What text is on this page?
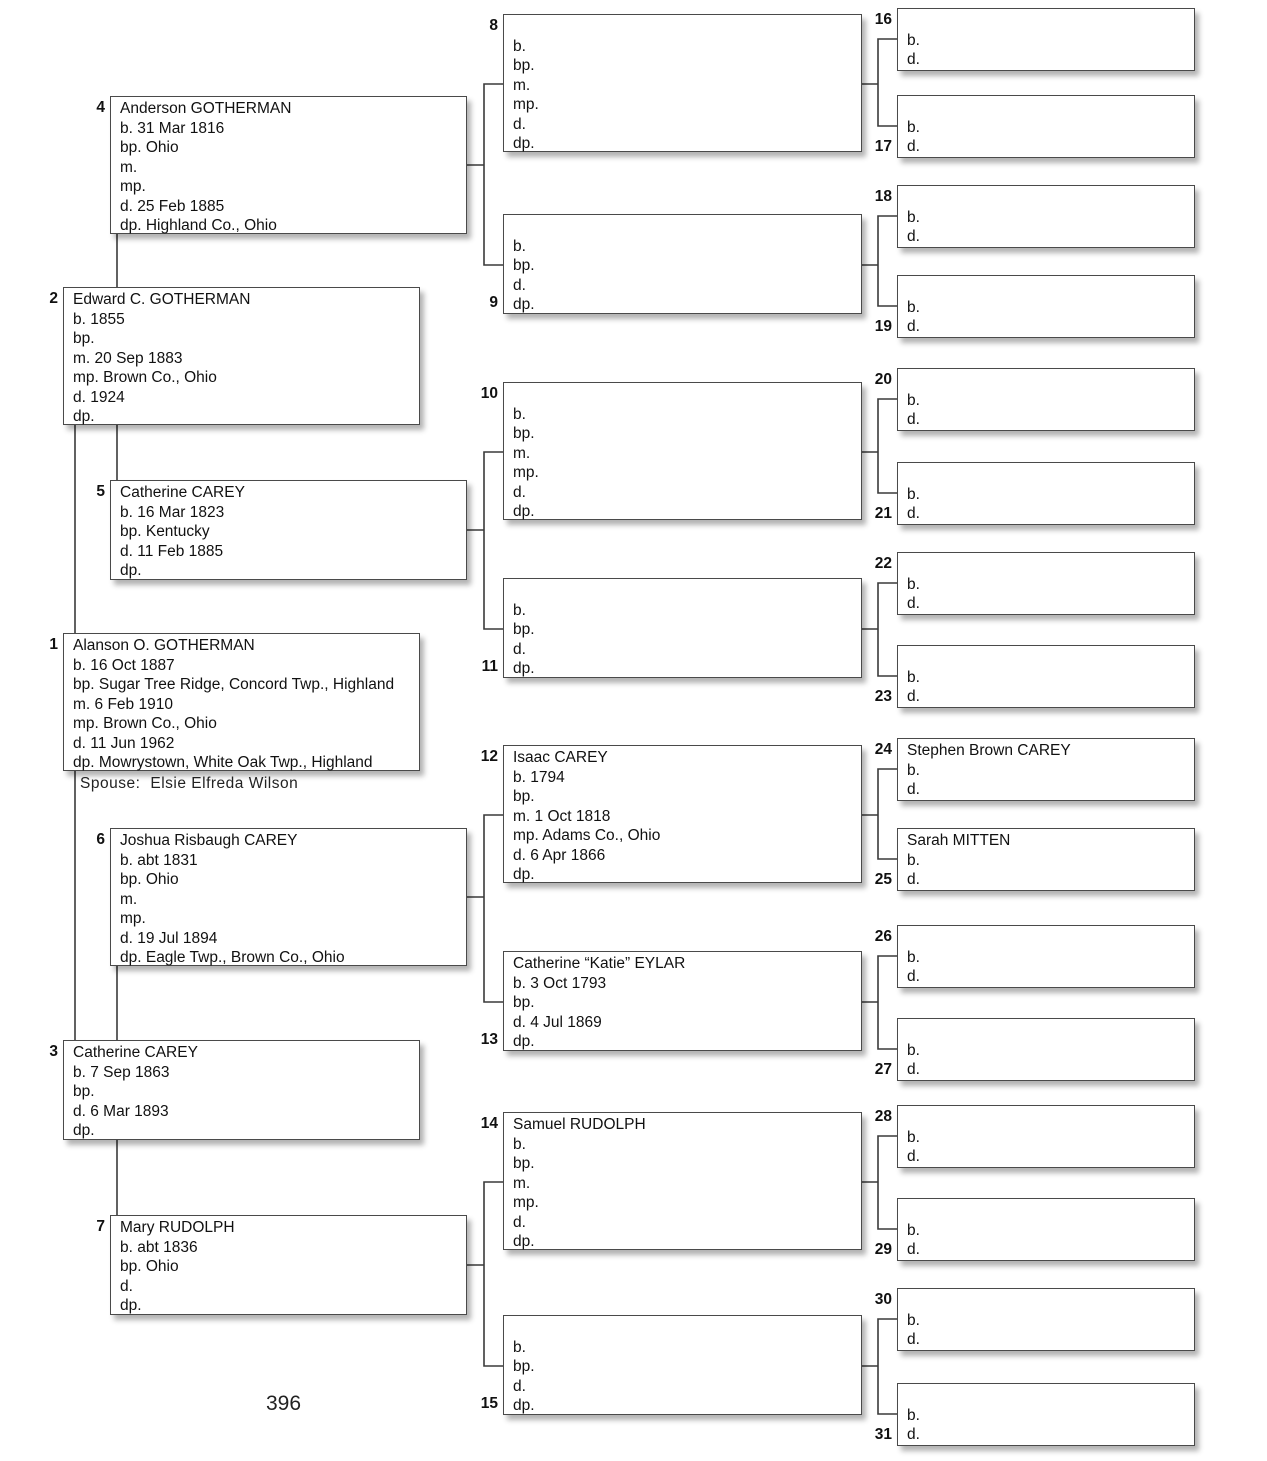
4 Anderson GOTHERMAN
b. 31 Mar 1816
bp. Ohio
m.
mp.
d. 25 Feb 1885
dp. Highland Co., Ohio
2 Edward C. GOTHERMAN
b. 1855
bp.
m. 20 Sep 1883
mp. Brown Co., Ohio
d. 1924
dp.
5 Catherine CAREY
b. 16 Mar 1823
bp. Kentucky
d. 11 Feb 1885
dp.
1 Alanson O. GOTHERMAN
b. 16 Oct 1887
bp. Sugar Tree Ridge, Concord Twp., Highland
m. 6 Feb 1910
mp. Brown Co., Ohio
d. 11 Jun 1962
dp. Mowrystown, White Oak Twp., Highland
Spouse: Elsie Elfreda Wilson
6 Joshua Risbaugh CAREY
b. abt 1831
bp. Ohio
m.
mp.
d. 19 Jul 1894
dp. Eagle Twp., Brown Co., Ohio
3 Catherine CAREY
b. 7 Sep 1863
bp.
d. 6 Mar 1893
dp.
7 Mary RUDOLPH
b. abt 1836
bp. Ohio
d.
dp.
8
b.
bp.
m.
mp.
d.
dp.
9
b.
bp.
d.
dp.
10
b.
bp.
m.
mp.
d.
dp.
11
b.
bp.
d.
dp.
12 Isaac CAREY
b. 1794
bp.
m. 1 Oct 1818
mp. Adams Co., Ohio
d. 6 Apr 1866
dp.
13
Catherine “Katie” EYLAR
b. 3 Oct 1793
bp.
d. 4 Jul 1869
dp.
14 Samuel RUDOLPH
b.
bp.
m.
mp.
d.
dp.
15
b.
bp.
d.
dp.
16
b.
d.
17
b.
d.
18
b.
d.
19
b.
d.
20
b.
d.
21
b.
d.
22
b.
d.
23
b.
d.
24 Stephen Brown CAREY
b.
d.
25
Sarah MITTEN
b.
d.
26
b.
d.
27
b.
d.
28
b.
d.
29
b.
d.
30
b.
d.
31
b.
d.
396
